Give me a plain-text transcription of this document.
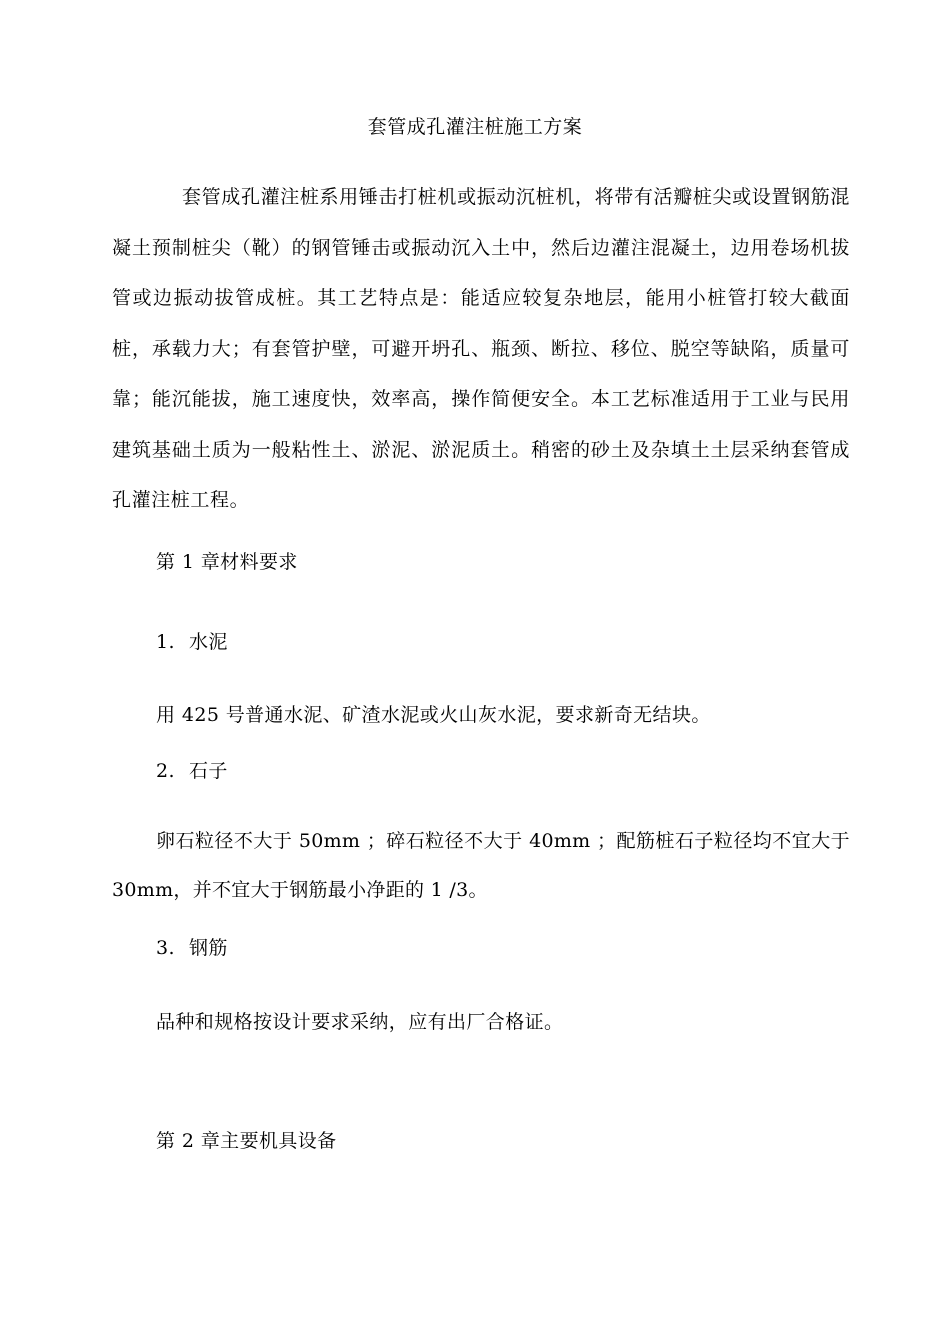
套管成孔灌注桩施工方案

套管成孔灌注桩系用锤击打桩机或振动沉桩机，将带有活瓣桩尖或设置钢筋混凝土预制桩尖（靴）的钢管锤击或振动沉入土中，然后边灌注混凝土，边用卷场机拔管或边振动拔管成桩。其工艺特点是：能适应较复杂地层，能用小桩管打较大截面桩，承载力大；有套管护壁，可避开坍孔、瓶颈、断拉、移位、脱空等缺陷，质量可靠；能沉能拔，施工速度快，效率高，操作简便安全。本工艺标准适用于工业与民用建筑基础土质为一般粘性土、淤泥、淤泥质土。稍密的砂土及杂填土土层采纳套管成孔灌注桩工程。

第 1 章材料要求
1. 水泥
用 425 号普通水泥、矿渣水泥或火山灰水泥，要求新奇无结块。
2. 石子

卵石粒径不大于 50mm ；碎石粒径不大于 40mm ；配筋桩石子粒径均不宜大于 30mm，并不宜大于钢筋最小净距的 1 /3。

3. 钢筋
品种和规格按设计要求采纳，应有出厂合格证。
第 2 章主要机具设备
